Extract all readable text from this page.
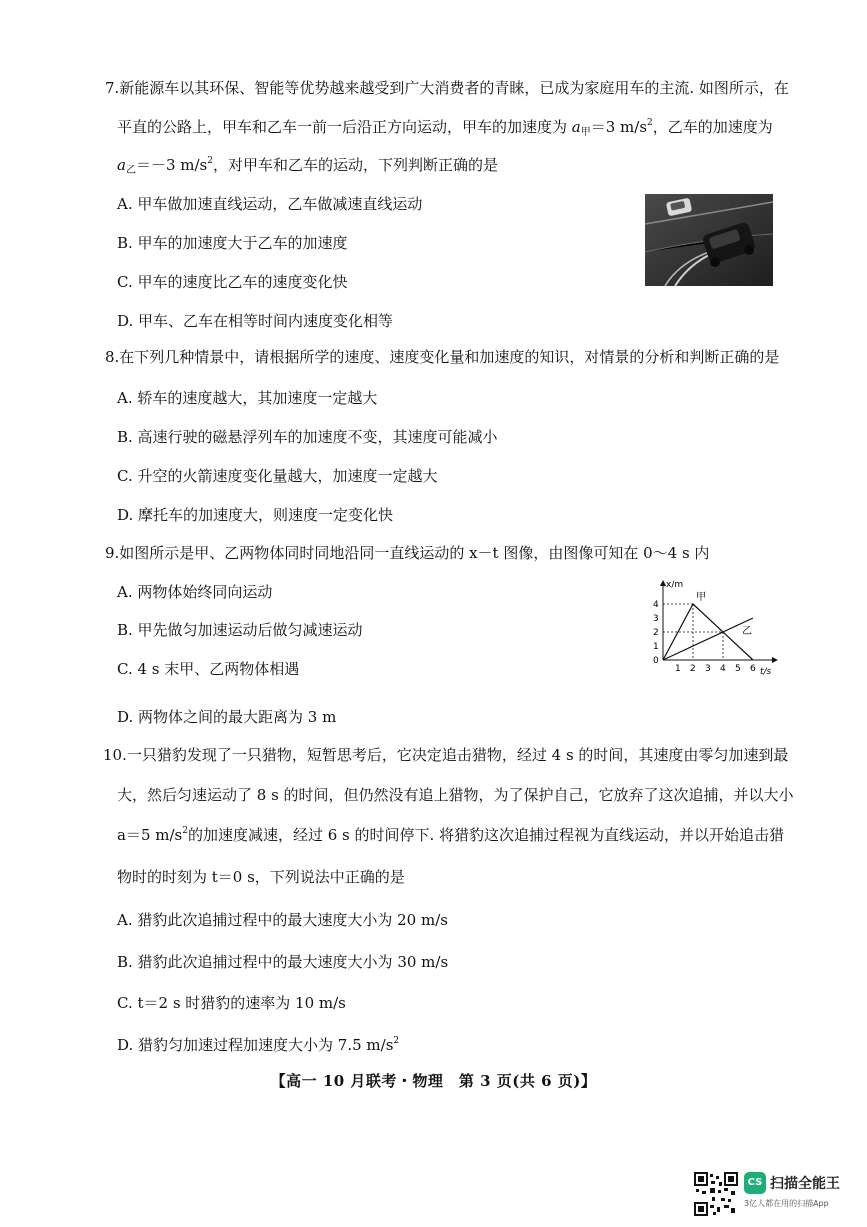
7.新能源车以其环保、智能等优势越来越受到广大消费者的青睐，已成为家庭用车的主流. 如图所示，在
平直的公路上，甲车和乙车一前一后沿正方向运动，甲车的加速度为 $a_甲=3$ $m/s^2$，乙车的加速度为
$a_乙=-3$ $m/s^2$，对甲车和乙车的运动，下列判断正确的是
A. 甲车做加速直线运动，乙车做减速直线运动
B. 甲车的加速度大于乙车的加速度
C. 甲车的速度比乙车的速度变化快
D. 甲车、乙车在相等时间内速度变化相等
8.在下列几种情景中，请根据所学的速度、速度变化量和加速度的知识，对情景的分析和判断正确的是
A. 轿车的速度越大，其加速度一定越大
B. 高速行驶的磁悬浮列车的加速度不变，其速度可能减小
C. 升空的火箭速度变化量越大，加速度一定越大
D. 摩托车的加速度大，则速度一定变化快
9.如图所示是甲、乙两物体同时同地沿同一直线运动的 x－t 图像，由图像可知在 0～4 s 内
A. 两物体始终同向运动
B. 甲先做匀加速运动后做匀减速运动
C. 4 s 末甲、乙两物体相遇
D. 两物体之间的最大距离为 3 m
x/m
甲
乙
t/s
4
3
2
1
0
1 2 3 4 5 6
10.一只猎豹发现了一只猎物，短暂思考后，它决定追击猎物，经过 4 s 的时间，其速度由零匀加速到最
大，然后匀速运动了 8 s 的时间，但仍然没有追上猎物，为了保护自己，它放弃了这次追捕，并以大小
a＝5 $m/s^2$的加速度减速，经过 6 s 的时间停下. 将猎豹这次追捕过程视为直线运动，并以开始追击猎
物时的时刻为 t＝0 s，下列说法中正确的是
A. 猎豹此次追捕过程中的最大速度大小为 20 m/s
B. 猎豹此次追捕过程中的最大速度大小为 30 m/s
C. t＝2 s 时猎豹的速率为 10 m/s
D. 猎豹匀加速过程加速度大小为 7.5 $m/s^2$
【高一 10 月联考・物理　第 3 页(共 6 页)】
CS 扫描全能王
3亿人都在用的扫描App
